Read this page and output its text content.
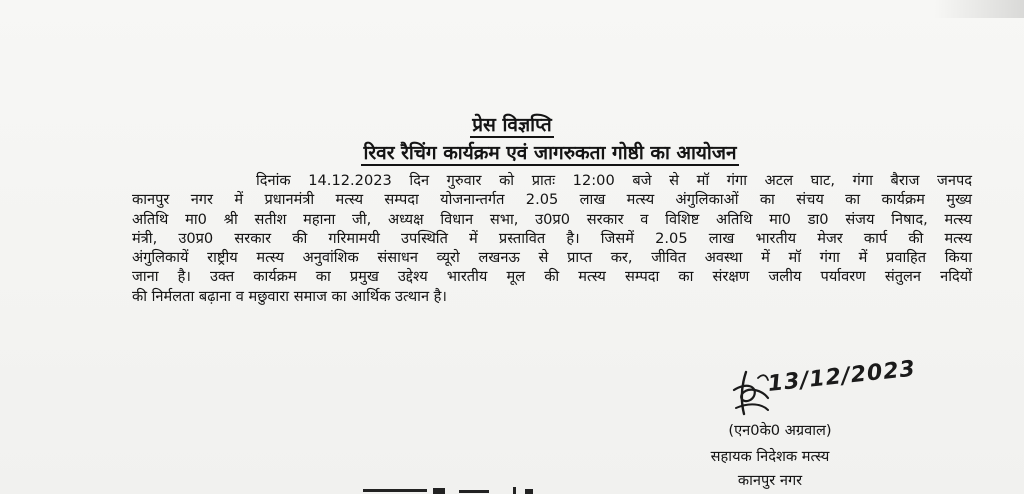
प्रेस विज्ञप्ति
रिवर रैचिंग कार्यक्रम एवं जागरुकता गोष्ठी का आयोजन
दिनांक 14.12.2023 दिन गुरुवार को प्रातः 12:00 बजे से मॉ गंगा अटल घाट, गंगा बैराज जनपद
कानपुर नगर में प्रधानमंत्री मत्स्य सम्पदा योजनान्तर्गत 2.05 लाख मत्स्य अंगुलिकाओं का संचय का कार्यक्रम मुख्य
अतिथि मा0 श्री सतीश महाना जी, अध्यक्ष विधान सभा, उ0प्र0 सरकार व विशिष्ट अतिथि मा0 डा0 संजय निषाद, मत्स्य
मंत्री, उ0प्र0 सरकार की गरिमामयी उपस्थिति में प्रस्तावित है। जिसमें 2.05 लाख भारतीय मेजर कार्प की मत्स्य
अंगुलिकायें राष्ट्रीय मत्स्य अनुवांशिक संसाधन व्यूरो लखनऊ से प्राप्त कर, जीवित अवस्था में मॉ गंगा में प्रवाहित किया
जाना है। उक्त कार्यक्रम का प्रमुख उद्देश्य भारतीय मूल की मत्स्य सम्पदा का संरक्षण जलीय पर्यावरण संतुलन नदियों
की निर्मलता बढ़ाना व मछुवारा समाज का आर्थिक उत्थान है।
13/12/2023
(एन0के0 अग्रवाल)
सहायक निदेशक मत्स्य
कानपुर नगर
